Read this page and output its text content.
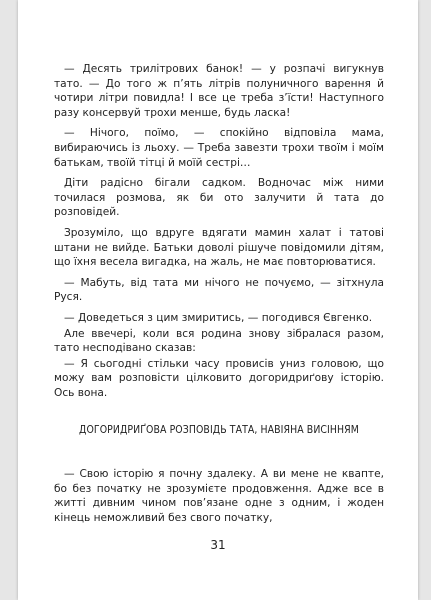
— Десять трилітрових банок! — у розпачі вигукнув тато. — До того ж п’ять літрів полуничного варення й чотири літри повидла! І все це треба з’їсти! Наступного разу консервуй трохи менше, будь ласка!

— Нічого, поїмо, — спокійно відповіла мама, вибираючись із льоху. — Треба завезти трохи твоїм і моїм батькам, твоїй тітці й моїй сестрі…

Діти радісно бігали садком. Водночас між ними точилася розмова, як би ото залучити й тата до розповідей.

Зрозуміло, що вдруге вдягати мамин халат і татові штани не вийде. Батьки доволі рішуче повідомили дітям, що їхня весела вигадка, на жаль, не має повторюватися.

— Мабуть, від тата ми нічого не почуємо, — зітхнула Руся.

— Доведеться з цим змиритись, — погодився Євгенко.

Але ввечері, коли вся родина знову зібралася разом, тато несподівано сказав:

— Я сьогодні стільки часу провисів униз головою, що можу вам розповісти цілковито догоридриґову історію. Ось вона.

ДОГОРИДРИҐОВА РОЗПОВІДЬ ТАТА, НАВІЯНА ВИСІННЯМ

— Свою історію я почну здалеку. А ви мене не квапте, бо без початку не зрозумієте продовження. Адже все в житті дивним чином пов’язане одне з одним, і жоден кінець неможливий без свого початку,

31
